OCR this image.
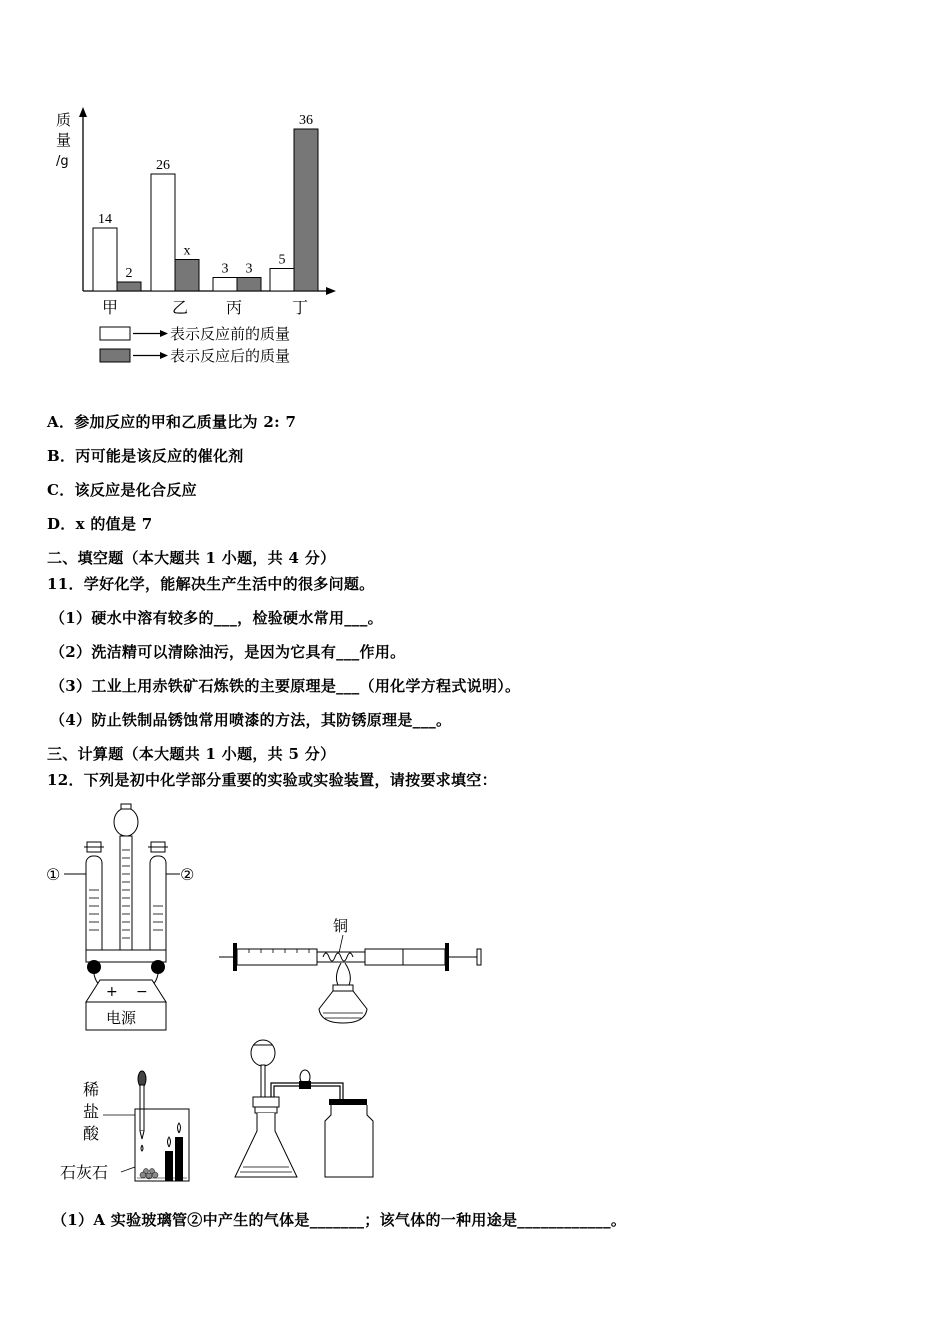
质
量
/g
14
2
26
x
3 3
5
36
甲	乙 丙	丁
表示反应前的质量
表示反应后的质量
A．参加反应的甲和乙质量比为 2: 7
B．丙可能是该反应的催化剂
C．该反应是化合反应
D．x 的值是 7
二、填空题（本大题共 1 小题，共 4 分）
11．学好化学，能解决生产生活中的很多问题。
（1）硬水中溶有较多的___，检验硬水常用___。
（2）洗洁精可以清除油污，是因为它具有___作用。
（3）工业上用赤铁矿石炼铁的主要原理是___（用化学方程式说明）。
（4）防止铁制品锈蚀常用喷漆的方法，其防锈原理是___。
三、计算题（本大题共 1 小题，共 5 分）
12．下列是初中化学部分重要的实验或实验装置，请按要求填空：
①	②
+ −
电源
铜
稀
盐
酸
石灰石
（1）A 实验玻璃管②中产生的气体是_______；该气体的一种用途是____________。
